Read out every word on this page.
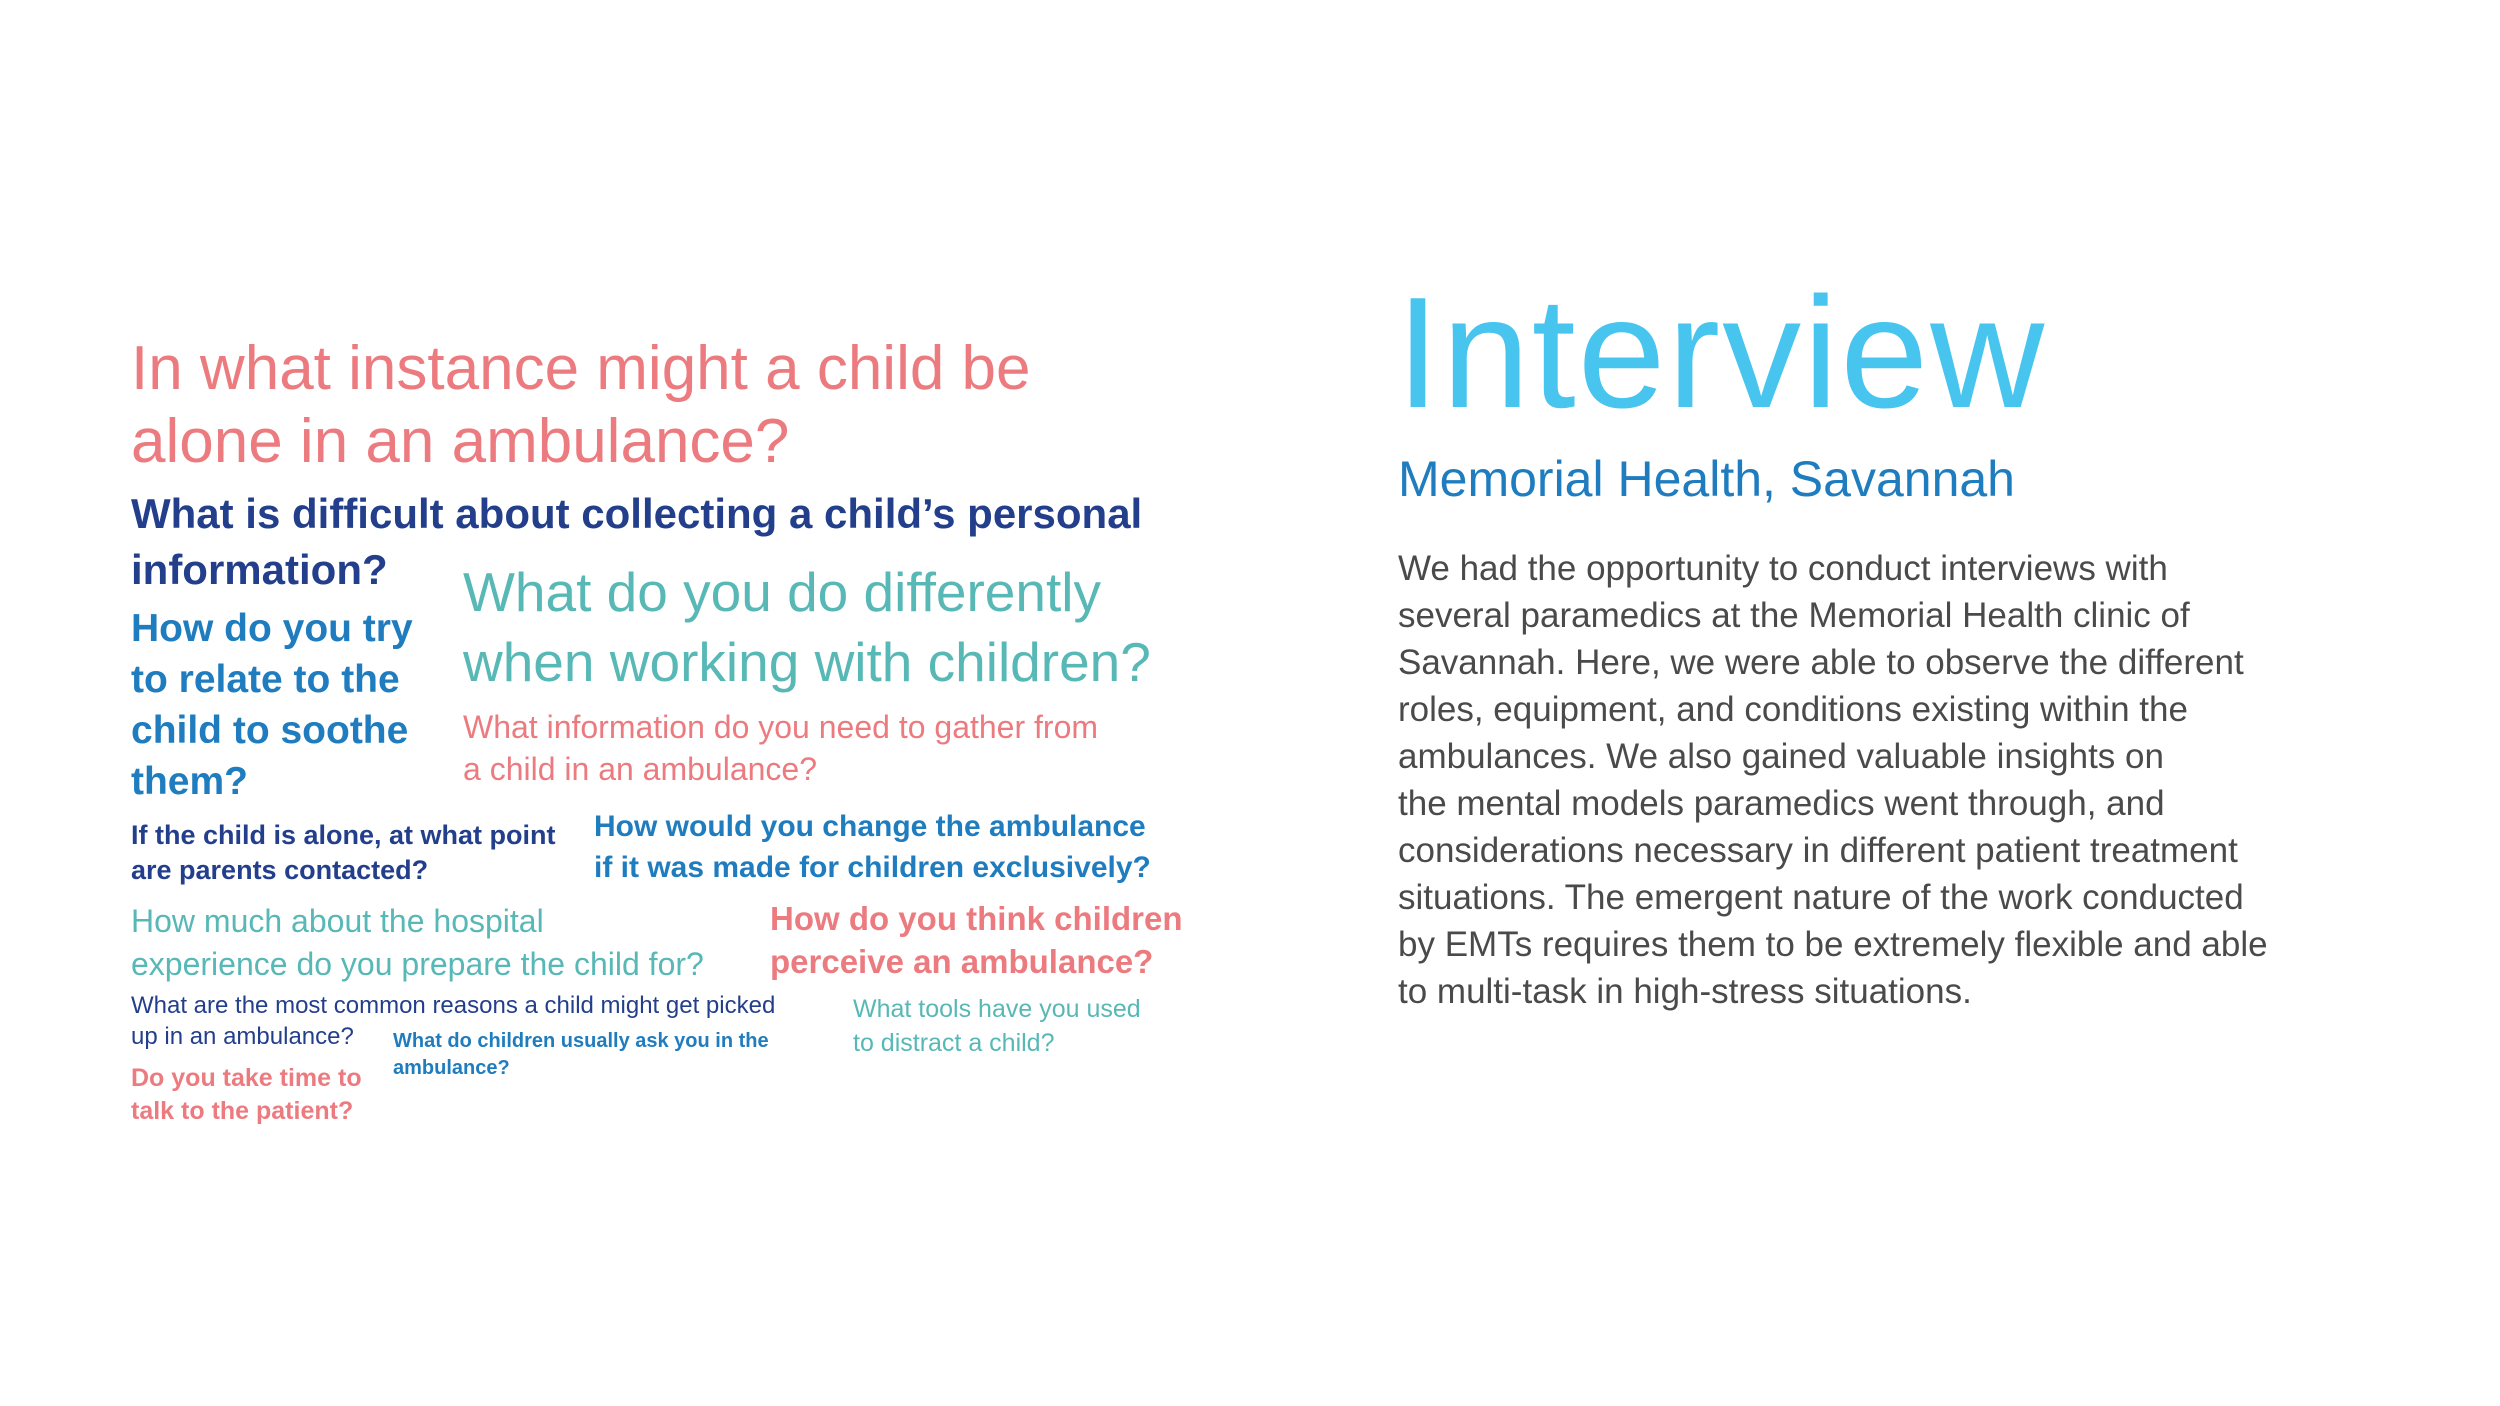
In what instance might a child be
alone in an ambulance?

What is difficult about collecting a child’s personal
information?	What do you do differently
when working with children?

How do you try
to relate to the
child to soothe
them?

What information do you need to gather from
a child in an ambulance?

If the child is alone, at what point
are parents contacted?

How would you change the ambulance
if it was made for children exclusively?

How much about the hospital
experience do you prepare the child for?

How do you think children
perceive an ambulance?

What are the most common reasons a child might get picked
up in an ambulance?

What tools have you used
to distract a child?

What do children usually ask you in the
ambulance?

Do you take time to
talk to the patient?

Interview
Memorial Health, Savannah

We had the opportunity to conduct interviews with
several paramedics at the Memorial Health clinic of
Savannah. Here, we were able to observe the different
roles, equipment, and conditions existing within the
ambulances. We also gained valuable insights on
the mental models paramedics went through, and
considerations necessary in different patient treatment
situations. The emergent nature of the work conducted
by EMTs requires them to be extremely flexible and able
to multi-task in high-stress situations.
